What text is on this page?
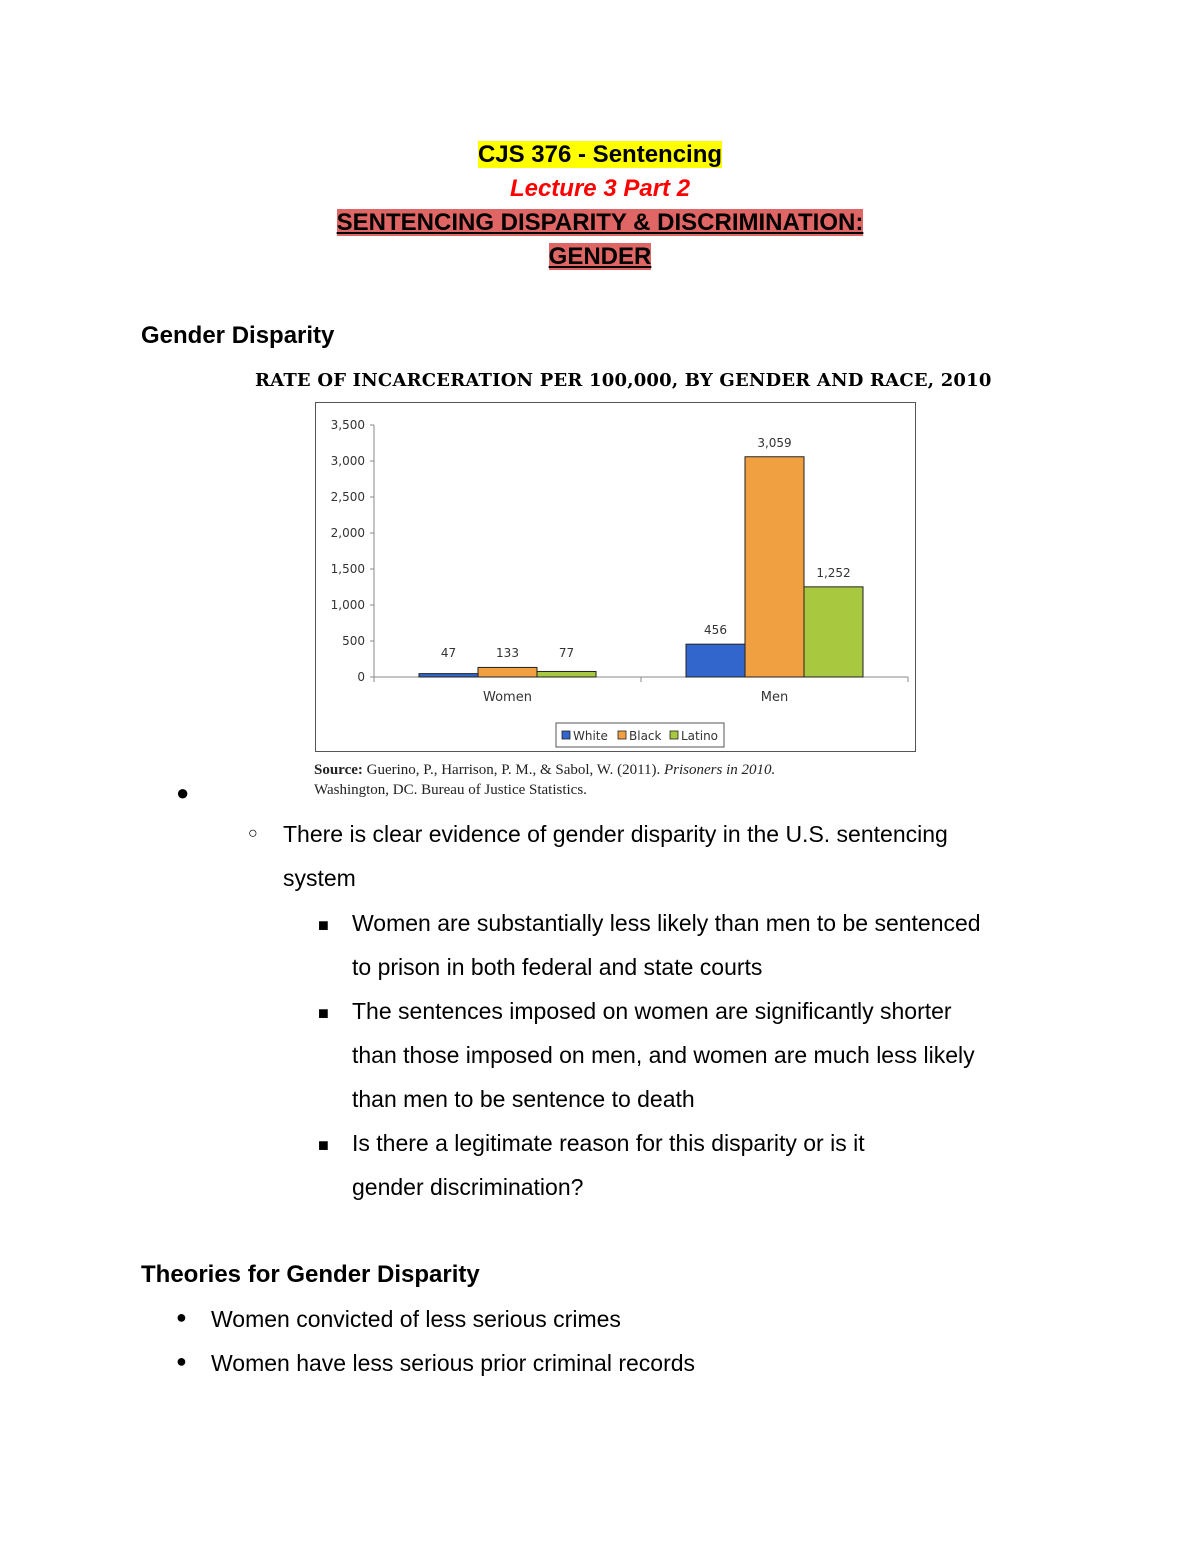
CJS 376 - Sentencing
Lecture 3 Part 2
SENTENCING DISPARITY & DISCRIMINATION:
GENDER
Gender Disparity
RATE OF INCARCERATION PER 100,000, BY GENDER AND RACE, 2010
0
500
1,000
1,500
2,000
2,500
3,000
3,500
47	133	77
Women
456
3,059
1,252
Men
White Black Latino
Source: Guerino, P., Harrison, P. M., & Sabol, W. (2011). Prisoners in 2010.
Washington, DC. Bureau of Justice Statistics.
●
○ There is clear evidence of gender disparity in the U.S. sentencing
system
■ Women are substantially less likely than men to be sentenced
to prison in both federal and state courts
■ The sentences imposed on women are significantly shorter
than those imposed on men, and women are much less likely
than men to be sentence to death
■ Is there a legitimate reason for this disparity or is it
gender discrimination?
Theories for Gender Disparity
● Women convicted of less serious crimes
● Women have less serious prior criminal records
